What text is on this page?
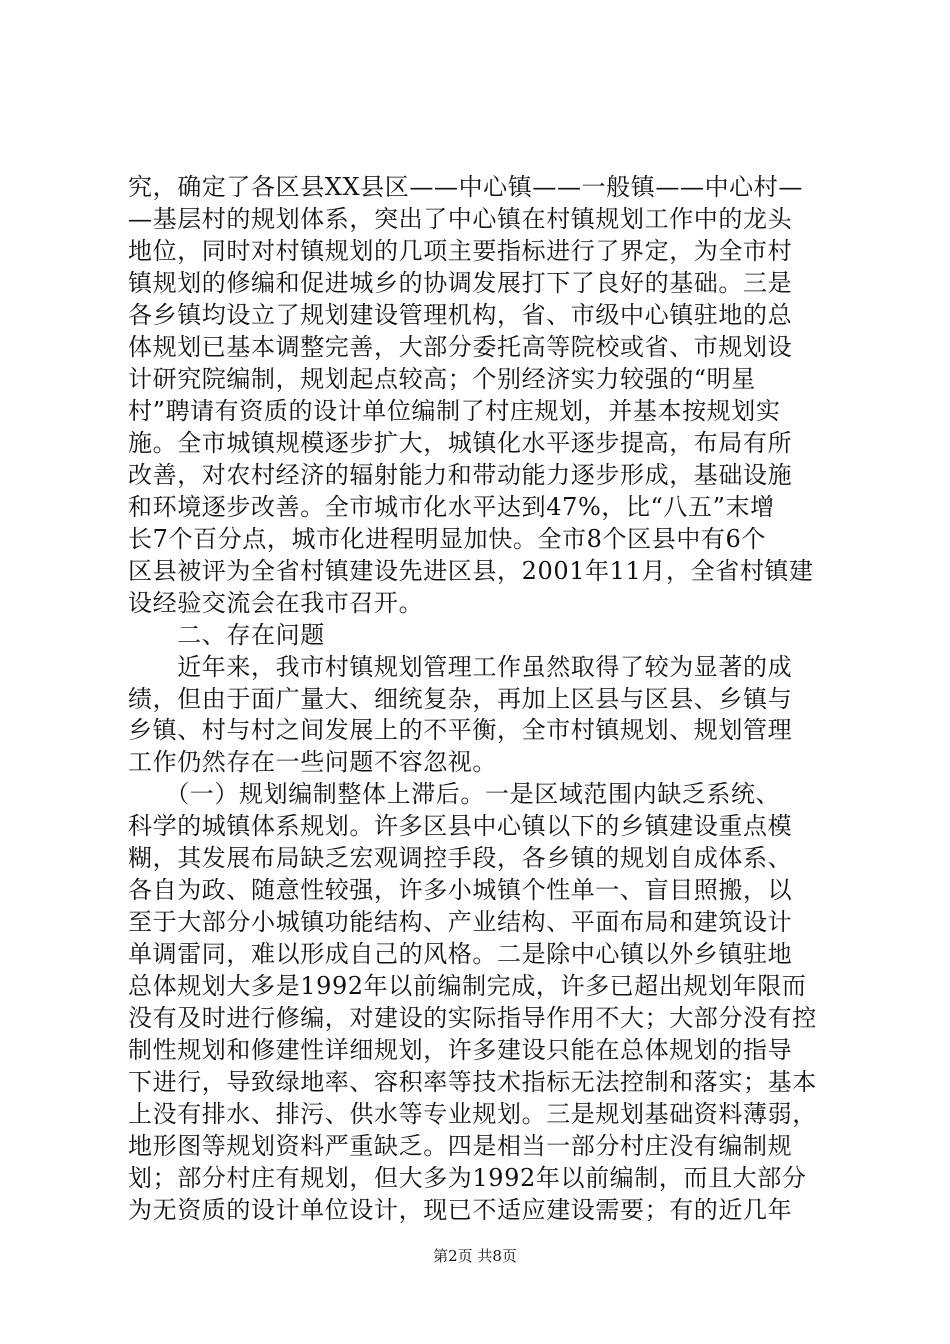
究，确定了各区县XX县区——中心镇——一般镇——中心村—
—基层村的规划体系，突出了中心镇在村镇规划工作中的龙头
地位，同时对村镇规划的几项主要指标进行了界定，为全市村
镇规划的修编和促进城乡的协调发展打下了良好的基础。三是
各乡镇均设立了规划建设管理机构，省、市级中心镇驻地的总
体规划已基本调整完善，大部分委托高等院校或省、市规划设
计研究院编制，规划起点较高；个别经济实力较强的“明星
村”聘请有资质的设计单位编制了村庄规划，并基本按规划实
施。全市城镇规模逐步扩大，城镇化水平逐步提高，布局有所
改善，对农村经济的辐射能力和带动能力逐步形成，基础设施
和环境逐步改善。全市城市化水平达到47%，比“八五”末增
长7个百分点，城市化进程明显加快。全市8个区县中有6个
区县被评为全省村镇建设先进区县，2001年11月，全省村镇建
设经验交流会在我市召开。
　　二、存在问题
　　近年来，我市村镇规划管理工作虽然取得了较为显著的成
绩，但由于面广量大、细统复杂，再加上区县与区县、乡镇与
乡镇、村与村之间发展上的不平衡，全市村镇规划、规划管理
工作仍然存在一些问题不容忽视。
　　（一）规划编制整体上滞后。一是区域范围内缺乏系统、
科学的城镇体系规划。许多区县中心镇以下的乡镇建设重点模
糊，其发展布局缺乏宏观调控手段，各乡镇的规划自成体系、
各自为政、随意性较强，许多小城镇个性单一、盲目照搬，以
至于大部分小城镇功能结构、产业结构、平面布局和建筑设计
单调雷同，难以形成自己的风格。二是除中心镇以外乡镇驻地
总体规划大多是1992年以前编制完成，许多已超出规划年限而
没有及时进行修编，对建设的实际指导作用不大；大部分没有控
制性规划和修建性详细规划，许多建设只能在总体规划的指导
下进行，导致绿地率、容积率等技术指标无法控制和落实；基本
上没有排水、排污、供水等专业规划。三是规划基础资料薄弱，
地形图等规划资料严重缺乏。四是相当一部分村庄没有编制规
划；部分村庄有规划，但大多为1992年以前编制，而且大部分
第2页 共8页
为无资质的设计单位设计，现已不适应建设需要；有的近几年
